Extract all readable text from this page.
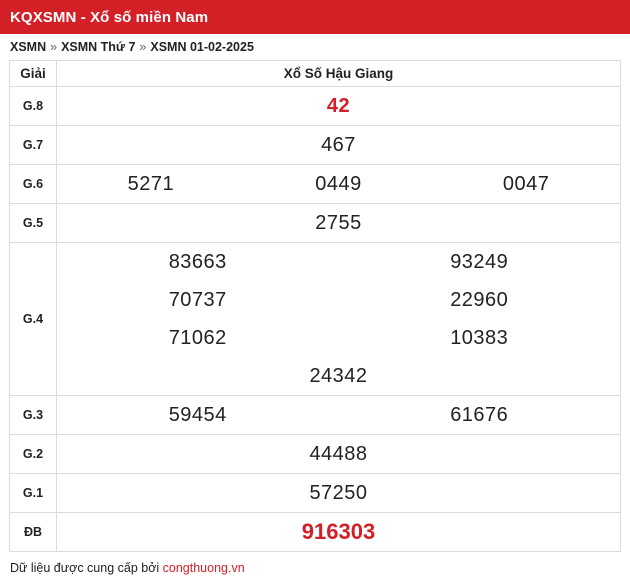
KQXSMN - Xổ số miền Nam
XSMN » XSMN Thứ 7 » XSMN 01-02-2025
Giải	Xổ Số Hậu Giang
G.8	42
G.7	467
G.6	5271 0449 0047

G.5	2755
G.4	
83663	93249
70737	22960
71062	10383
24342

G.3	59454 61676

G.2	44488
G.1	57250
ĐB	916303
Dữ liệu được cung cấp bởi congthuong.vn
